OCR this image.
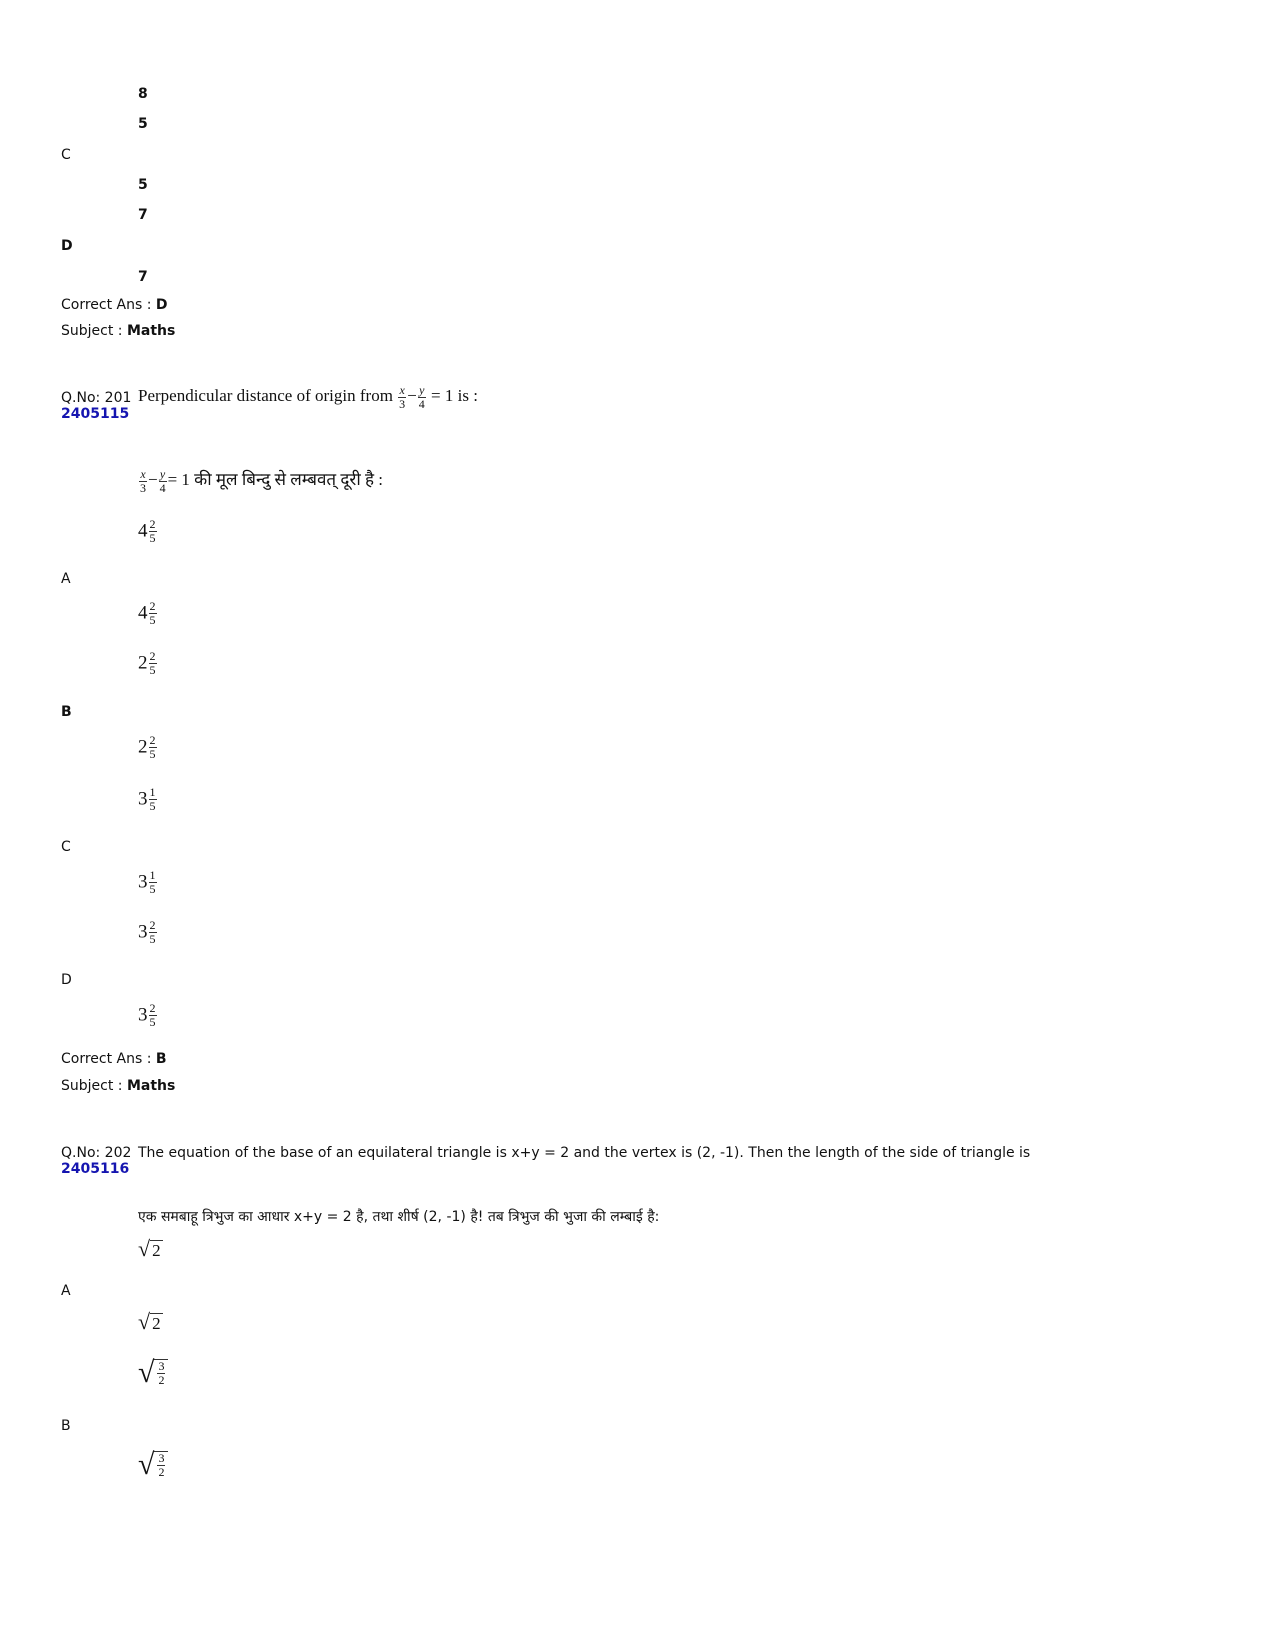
8
5
C
5
7
D
7
Correct Ans : D
Subject : Maths
Q.No: 201
2405115
Perpendicular distance of origin from $\frac{x}{3} - \frac{y}{4} = 1$ is :
$\frac{x}{3} - \frac{y}{4} = 1$ की मूल बिन्दु से लम्बवत् दूरी है :
$4 \frac{2}{5}$
A
$4 \frac{2}{5}$
$2 \frac{2}{5}$
B
$2 \frac{2}{5}$
$3 \frac{1}{5}$
C
$3 \frac{1}{5}$
$3 \frac{2}{5}$
D
$3 \frac{2}{5}$
Correct Ans : B
Subject : Maths
Q.No: 202
2405116
The equation of the base of an equilateral triangle is x+y = 2 and the vertex is (2, -1). Then the length of the side of triangle is
एक समबाहू त्रिभुज का आधार x+y = 2 है, तथा शीर्ष (2, -1) है! तब त्रिभुज की भुजा की लम्बाई है:
√ 2
A
√ 2
√ $\frac{3}{2}$
B
√ $\frac{3}{2}$
